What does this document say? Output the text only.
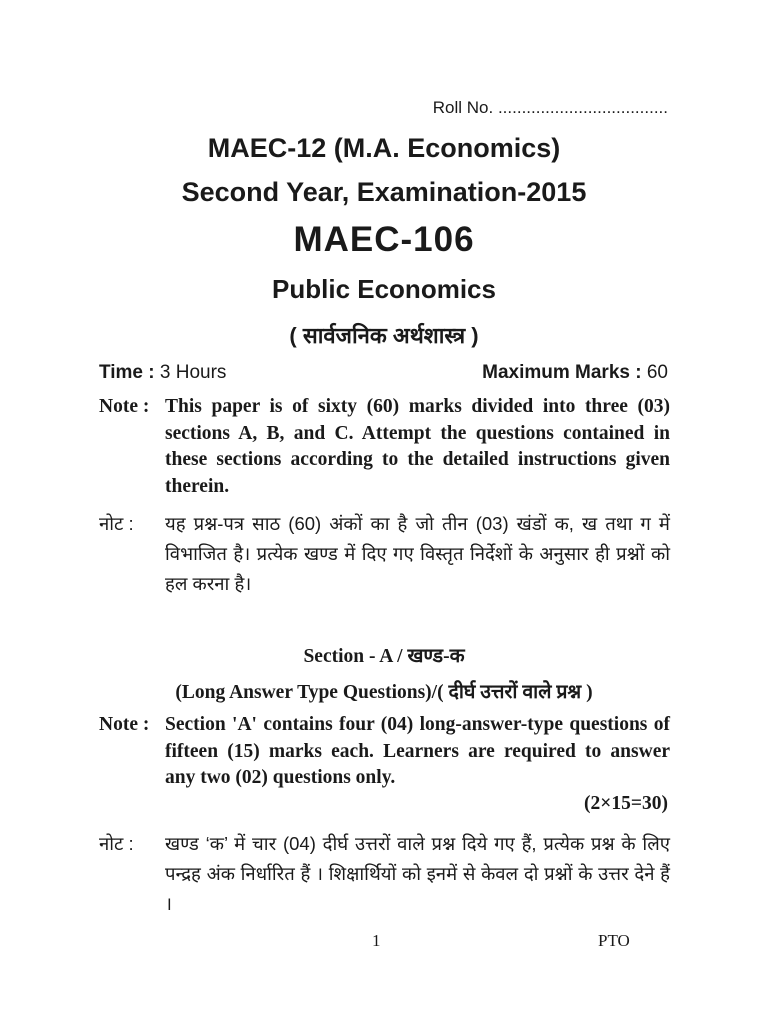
Roll No. ....................................
MAEC-12 (M.A. Economics)
Second Year, Examination-2015
MAEC-106
Public Economics
( सार्वजनिक अर्थशास्त्र )
Time : 3 Hours	Maximum Marks : 60
Note : This paper is of sixty (60) marks divided into three (03) sections A, B, and C. Attempt the questions contained in these sections according to the detailed instructions given therein.
नोट : यह प्रश्न-पत्र साठ (60) अंकों का है जो तीन (03) खंडों क, ख तथा ग में विभाजित है। प्रत्येक खण्ड में दिए गए विस्तृत निर्देशों के अनुसार ही प्रश्नों को हल करना है।
Section - A / खण्ड-क
(Long Answer Type Questions)/( दीर्घ उत्तरों वाले प्रश्न )
Note : Section 'A' contains four (04) long-answer-type questions of fifteen (15) marks each. Learners are required to answer any two (02) questions only.
(2×15=30)
नोट : खण्ड ‘क’ में चार (04) दीर्घ उत्तरों वाले प्रश्न दिये गए हैं, प्रत्येक प्रश्न के लिए पन्द्रह अंक निर्धारित हैं । शिक्षार्थियों को इनमें से केवल दो प्रश्नों के उत्तर देने हैं ।
1	PTO
